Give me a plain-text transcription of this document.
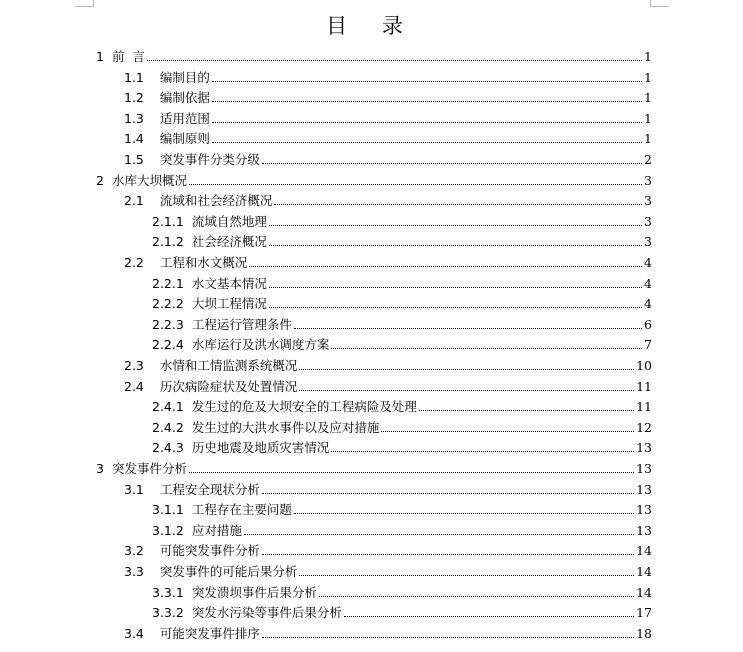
目 录
1 前  言	1
1.1 编制目的	1
1.2 编制依据	1
1.3 适用范围	1
1.4 编制原则	1
1.5 突发事件分类分级	2
2 水库大坝概况	3
2.1 流域和社会经济概况	3
2.1.1 流域自然地理	3
2.1.2 社会经济概况	3
2.2 工程和水文概况	4
2.2.1 水文基本情况	4
2.2.2 大坝工程情况	4
2.2.3 工程运行管理条件	6
2.2.4 水库运行及洪水调度方案	7
2.3 水情和工情监测系统概况	10
2.4 历次病险症状及处置情况	11
2.4.1 发生过的危及大坝安全的工程病险及处理	11
2.4.2 发生过的大洪水事件以及应对措施	12
2.4.3 历史地震及地质灾害情况	13
3 突发事件分析	13
3.1 工程安全现状分析	13
3.1.1 工程存在主要问题	13
3.1.2 应对措施	13
3.2 可能突发事件分析	14
3.3 突发事件的可能后果分析	14
3.3.1 突发溃坝事件后果分析	14
3.3.2 突发水污染等事件后果分析	17
3.4 可能突发事件排序	18
